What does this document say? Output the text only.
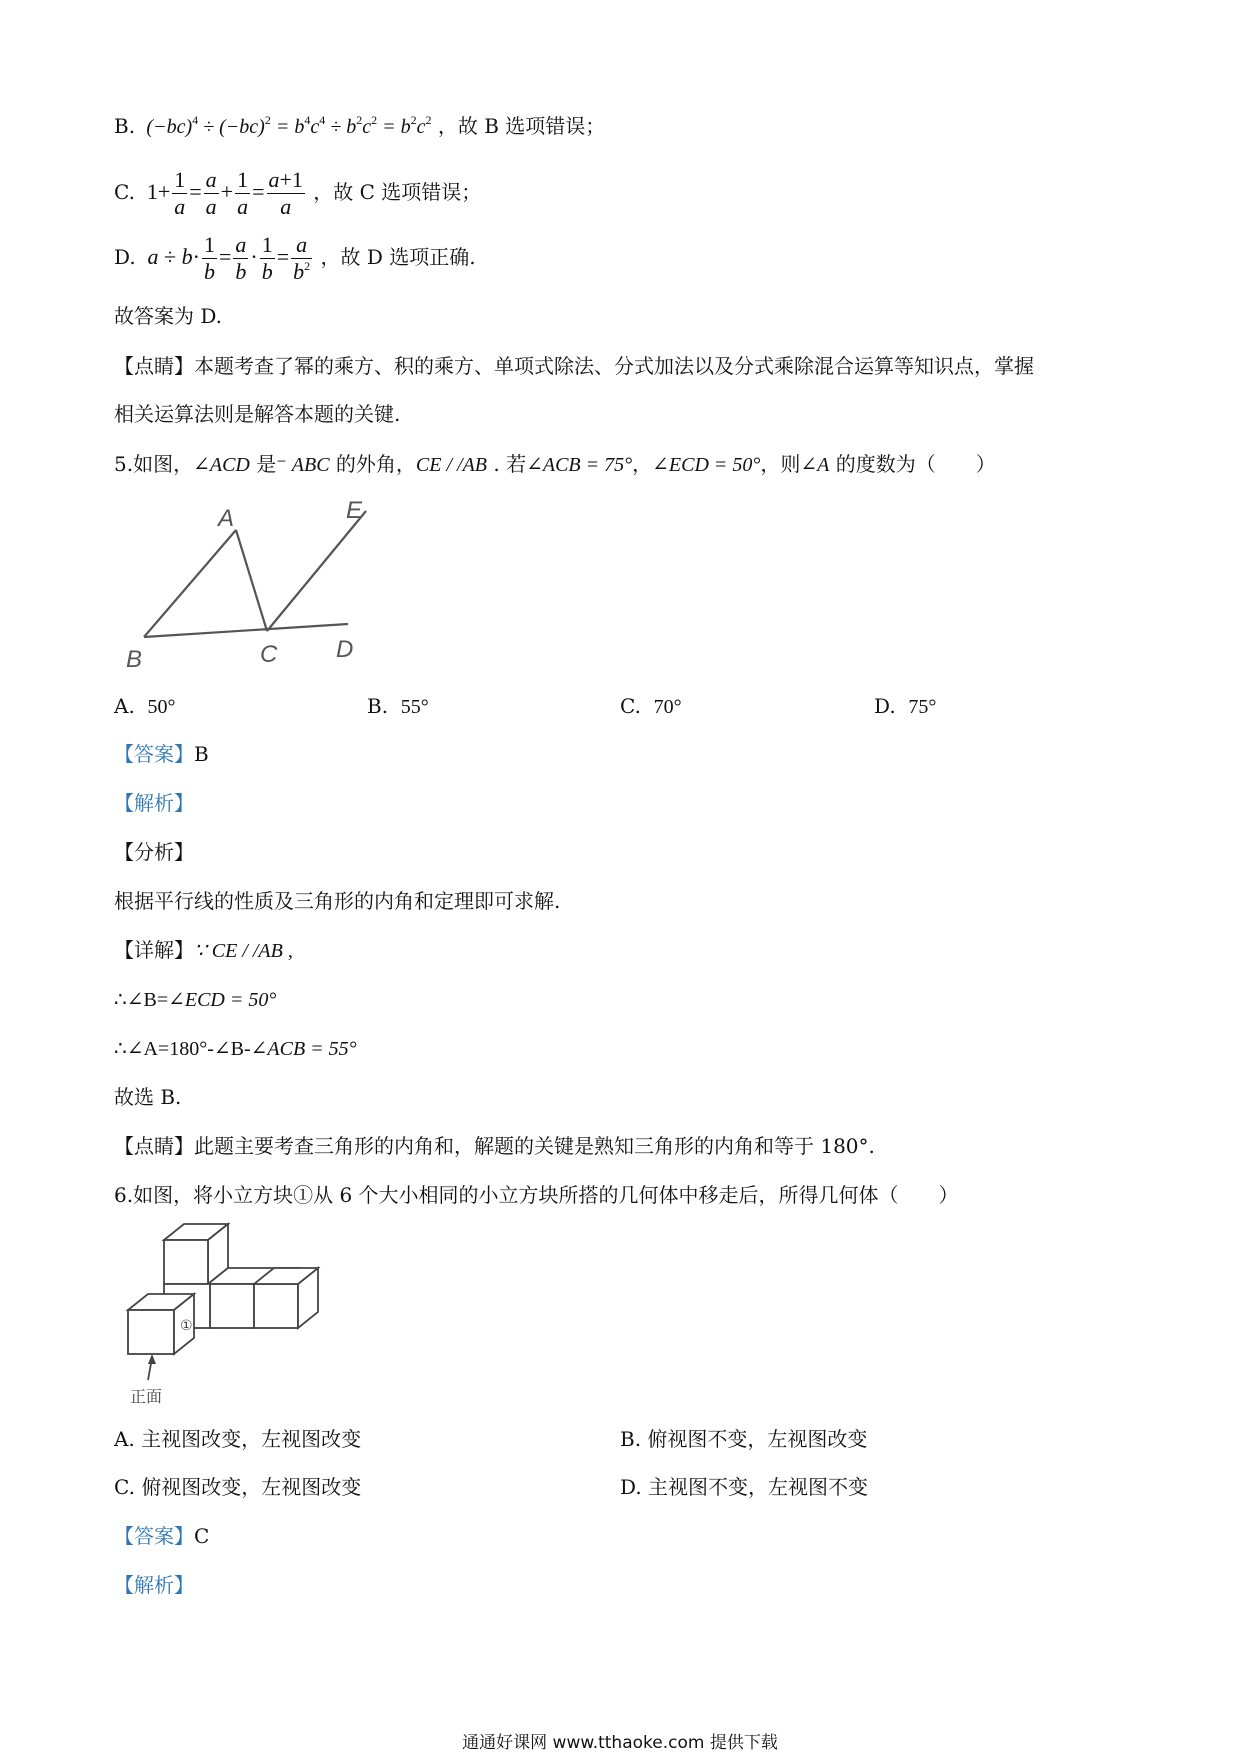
B.  $(-bc)^4 \div (-bc)^2 = b^4c^4 \div b^2c^2 = b^2c^2$ ，故 B 选项错误；
C.  $1+ \frac{1}{a} = \frac{a}{a} + \frac{1}{a} = \frac{a+1}{a}$ ，故 C 选项错误；
D. $a \div b\cdot \frac{1}{b} = \frac{a}{b} \cdot \frac{1}{b} = \frac{a}{b^2}$ ，故 D 选项正确.
故答案为 D.
【点睛】本题考查了幂的乘方、积的乘方、单项式除法、分式加法以及分式乘除混合运算等知识点，掌握
相关运算法则是解答本题的关键.
5.如图，∠ACD 是⁻ ABC 的外角，CE / /AB . 若∠ACB = 75°，∠ECD = 50°，则∠A 的度数为（　　）
A	E
B	C D
A. 50°	B. 55°	C. 70°	D. 75°
【答案】B
【解析】
【分析】
根据平行线的性质及三角形的内角和定理即可求解.
【详解】∵ CE / /AB ,
∴∠B=∠ECD = 50°
∴∠A=180°-∠B-∠ACB = 55°
故选 B.
【点睛】此题主要考查三角形的内角和，解题的关键是熟知三角形的内角和等于 180°.
6.如图，将小立方块①从 6 个大小相同的小立方块所搭的几何体中移走后，所得几何体（　　）
①
正面
A. 主视图改变，左视图改变	B. 俯视图不变，左视图改变
C. 俯视图改变，左视图改变	D. 主视图不变，左视图不变
【答案】C
【解析】
通通好课网 www.tthaoke.com 提供下载
